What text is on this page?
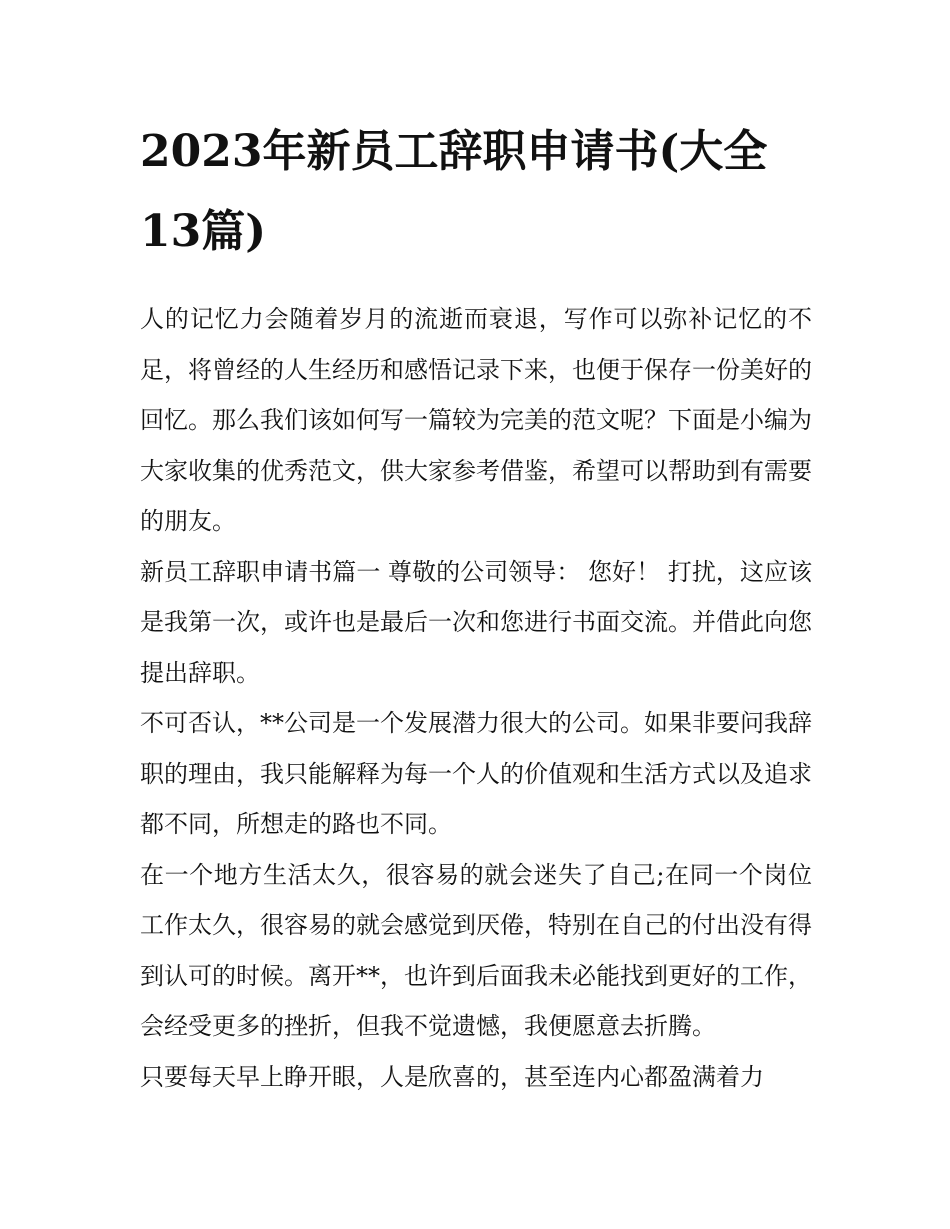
2023年新员工辞职申请书(大全13篇)

人的记忆力会随着岁月的流逝而衰退，写作可以弥补记忆的不足，将曾经的人生经历和感悟记录下来，也便于保存一份美好的回忆。那么我们该如何写一篇较为完美的范文呢？下面是小编为大家收集的优秀范文，供大家参考借鉴，希望可以帮助到有需要的朋友。

新员工辞职申请书篇一 尊敬的公司领导： 您好！ 打扰，这应该是我第一次，或许也是最后一次和您进行书面交流。并借此向您提出辞职。

不可否认，**公司是一个发展潜力很大的公司。如果非要问我辞职的理由，我只能解释为每一个人的价值观和生活方式以及追求都不同，所想走的路也不同。

在一个地方生活太久，很容易的就会迷失了自己;在同一个岗位工作太久，很容易的就会感觉到厌倦，特别在自己的付出没有得到认可的时候。离开**，也许到后面我未必能找到更好的工作，会经受更多的挫折，但我不觉遗憾，我便愿意去折腾。

只要每天早上睁开眼，人是欣喜的，甚至连内心都盈满着力
